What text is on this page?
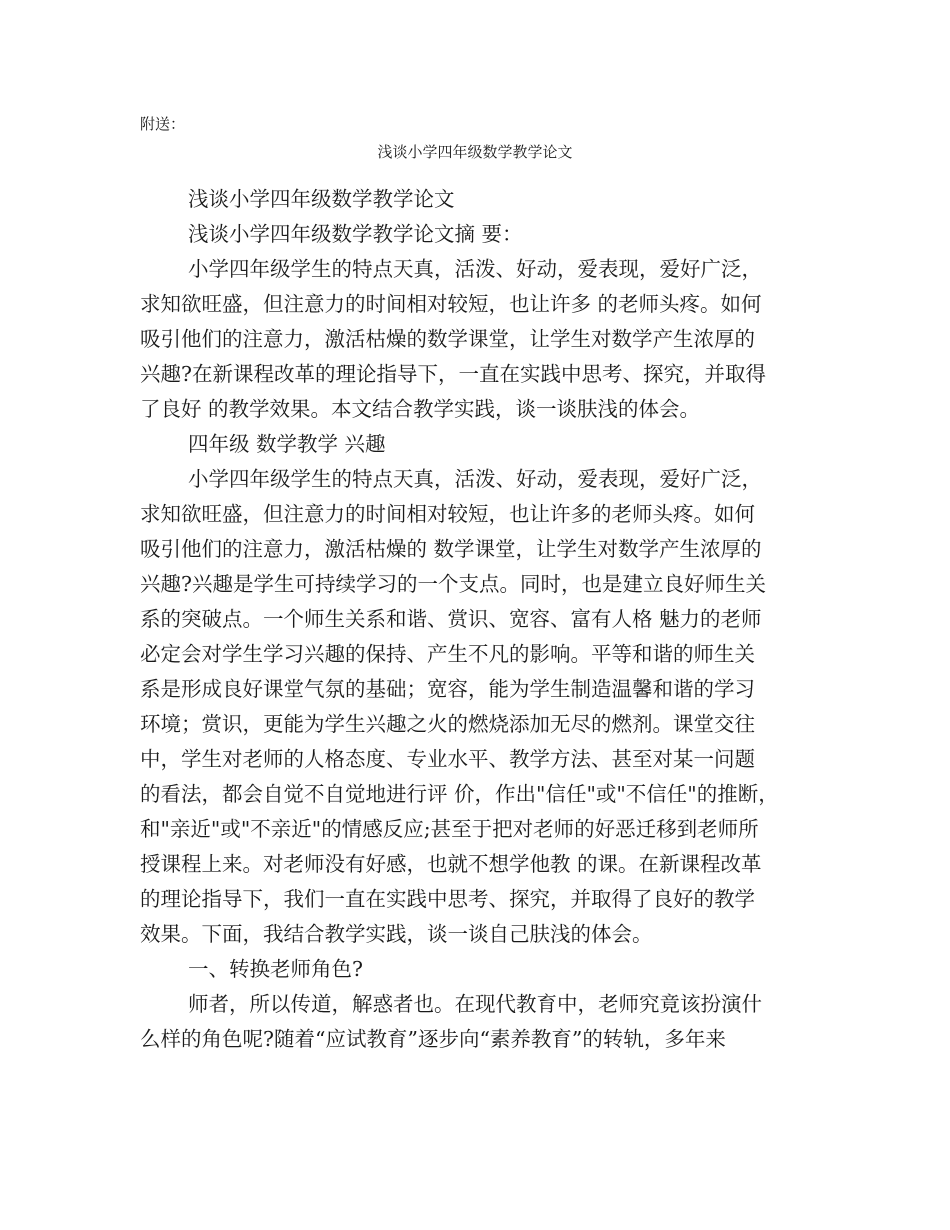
附送：
浅谈小学四年级数学教学论文
浅谈小学四年级数学教学论文
浅谈小学四年级数学教学论文摘 要：
小学四年级学生的特点天真，活泼、好动，爱表现，爱好广泛，
求知欲旺盛，但注意力的时间相对较短，也让许多 的老师头疼。如何
吸引他们的注意力，激活枯燥的数学课堂，让学生对数学产生浓厚的
兴趣?在新课程改革的理论指导下，一直在实践中思考、探究，并取得
了良好 的教学效果。本文结合教学实践，谈一谈肤浅的体会。
四年级 数学教学 兴趣
小学四年级学生的特点天真，活泼、好动，爱表现，爱好广泛，
求知欲旺盛，但注意力的时间相对较短，也让许多的老师头疼。如何
吸引他们的注意力，激活枯燥的 数学课堂，让学生对数学产生浓厚的
兴趣?兴趣是学生可持续学习的一个支点。同时，也是建立良好师生关
系的突破点。一个师生关系和谐、赏识、宽容、富有人格 魅力的老师
必定会对学生学习兴趣的保持、产生不凡的影响。平等和谐的师生关
系是形成良好课堂气氛的基础；宽容，能为学生制造温馨和谐的学习
环境；赏识，更能为学生兴趣之火的燃烧添加无尽的燃剂。课堂交往
中，学生对老师的人格态度、专业水平、教学方法、甚至对某一问题
的看法，都会自觉不自觉地进行评 价，作出"信任"或"不信任"的推断，
和"亲近"或"不亲近"的情感反应;甚至于把对老师的好恶迁移到老师所
授课程上来。对老师没有好感，也就不想学他教 的课。在新课程改革
的理论指导下，我们一直在实践中思考、探究，并取得了良好的教学
效果。下面，我结合教学实践，谈一谈自己肤浅的体会。
一、转换老师角色?
师者，所以传道，解惑者也。在现代教育中，老师究竟该扮演什
么样的角色呢?随着“应试教育”逐步向“素养教育”的转轨，多年来
